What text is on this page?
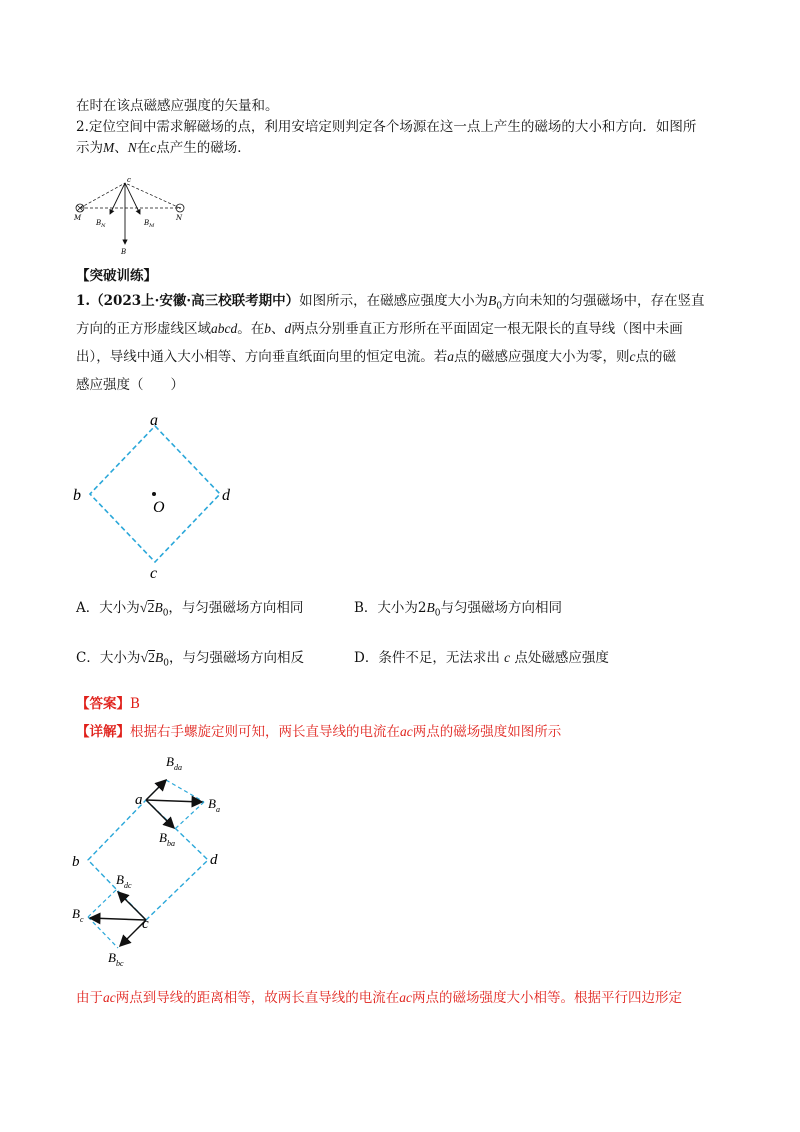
在时在该点磁感应强度的矢量和。
2.定位空间中需求解磁场的点，利用安培定则判定各个场源在这一点上产生的磁场的大小和方向．如图所
示为M、N在c点产生的磁场．
c
M	N
$B_N$	$B_M$
B
【突破训练】
1.（2023上·安徽·高三校联考期中）如图所示，在磁感应强度大小为$B_0$方向未知的匀强磁场中，存在竖直
方向的正方形虚线区域abcd。在b、d两点分别垂直正方形所在平面固定一根无限长的直导线（图中未画
出），导线中通入大小相等、方向垂直纸面向里的恒定电流。若a点的磁感应强度大小为零，则c点的磁
感应强度（　　）
a
b	d
c
O
A．大小为$√2B_0$，与匀强磁场方向相同	B．大小为$2B_0$与匀强磁场方向相同
C．大小为$√2B_0$，与匀强磁场方向相反	D．条件不足，无法求出 c 点处磁感应强度
【答案】B
【详解】根据右手螺旋定则可知，两长直导线的电流在ac两点的磁场强度如图所示
a
b	d
c
$B_{da}$
$B_a$
$B_{ba}$
$B_{dc}$
$B_c$
$B_{bc}$
由于ac两点到导线的距离相等，故两长直导线的电流在ac两点的磁场强度大小相等。根据平行四边形定
